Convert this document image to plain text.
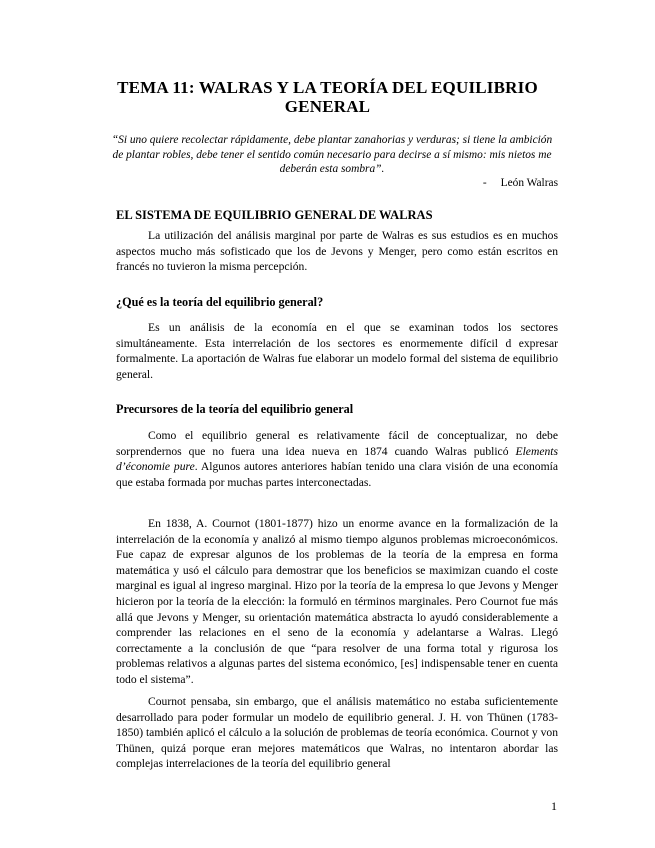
TEMA 11: WALRAS Y LA TEORÍA DEL EQUILIBRIO GENERAL
“Si uno quiere recolectar rápidamente, debe plantar zanahorias y verduras; si tiene la ambición de plantar robles, debe tener el sentido común necesario para decirse a sí mismo: mis nietos me deberán esta sombra”.
- León Walras
EL SISTEMA DE EQUILIBRIO GENERAL DE WALRAS

La utilización del análisis marginal por parte de Walras es sus estudios es en muchos aspectos mucho más sofisticado que los de Jevons y Menger, pero como están escritos en francés no tuvieron la misma percepción.

¿Qué es la teoría del equilibrio general?

Es un análisis de la economía en el que se examinan todos los sectores simultáneamente. Esta interrelación de los sectores es enormemente difícil d expresar formalmente. La aportación de Walras fue elaborar un modelo formal del sistema de equilibrio general.

Precursores de la teoría del equilibrio general

Como el equilibrio general es relativamente fácil de conceptualizar, no debe sorprendernos que no fuera una idea nueva en 1874 cuando Walras publicó Elements d’économie pure. Algunos autores anteriores habían tenido una clara visión de una economía que estaba formada por muchas partes interconectadas.

En 1838, A. Cournot (1801-1877) hizo un enorme avance en la formalización de la interrelación de la economía y analizó al mismo tiempo algunos problemas microeconómicos. Fue capaz de expresar algunos de los problemas de la teoría de la empresa en forma matemática y usó el cálculo para demostrar que los beneficios se maximizan cuando el coste marginal es igual al ingreso marginal. Hizo por la teoría de la empresa lo que Jevons y Menger hicieron por la teoría de la elección: la formuló en términos marginales. Pero Cournot fue más allá que Jevons y Menger, su orientación matemática abstracta lo ayudó considerablemente a comprender las relaciones en el seno de la economía y adelantarse a Walras. Llegó correctamente a la conclusión de que “para resolver de una forma total y rigurosa los problemas relativos a algunas partes del sistema económico, [es] indispensable tener en cuenta todo el sistema”.

Cournot pensaba, sin embargo, que el análisis matemático no estaba suficientemente desarrollado para poder formular un modelo de equilibrio general. J. H. von Thünen (1783-1850) también aplicó el cálculo a la solución de problemas de teoría económica. Cournot y von Thünen, quizá porque eran mejores matemáticos que Walras, no intentaron abordar las complejas interrelaciones de la teoría del equilibrio general

1
